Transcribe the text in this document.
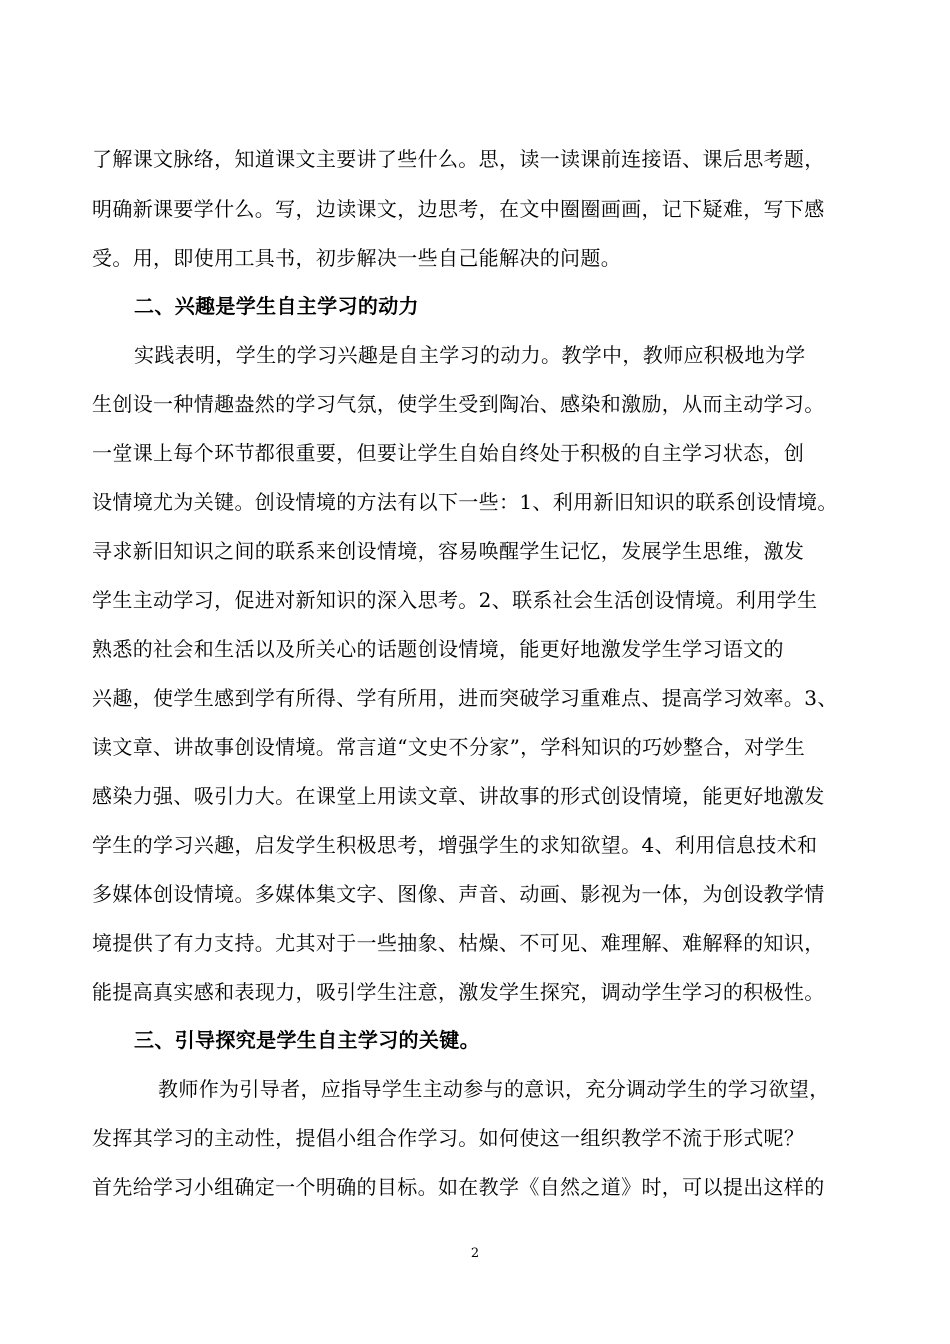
了解课文脉络，知道课文主要讲了些什么。思，读一读课前连接语、课后思考题，
明确新课要学什么。写，边读课文，边思考，在文中圈圈画画，记下疑难，写下感
受。用，即使用工具书，初步解决一些自己能解决的问题。
二、兴趣是学生自主学习的动力
实践表明，学生的学习兴趣是自主学习的动力。教学中，教师应积极地为学
生创设一种情趣盎然的学习气氛，使学生受到陶冶、感染和激励，从而主动学习。
一堂课上每个环节都很重要，但要让学生自始自终处于积极的自主学习状态，创
设情境尤为关键。创设情境的方法有以下一些：1、利用新旧知识的联系创设情境。
寻求新旧知识之间的联系来创设情境，容易唤醒学生记忆，发展学生思维，激发
学生主动学习，促进对新知识的深入思考。2、联系社会生活创设情境。利用学生
熟悉的社会和生活以及所关心的话题创设情境，能更好地激发学生学习语文的
兴趣，使学生感到学有所得、学有所用，进而突破学习重难点、提高学习效率。3、
读文章、讲故事创设情境。常言道“文史不分家”，学科知识的巧妙整合，对学生
感染力强、吸引力大。在课堂上用读文章、讲故事的形式创设情境，能更好地激发
学生的学习兴趣，启发学生积极思考，增强学生的求知欲望。4、利用信息技术和
多媒体创设情境。多媒体集文字、图像、声音、动画、影视为一体，为创设教学情
境提供了有力支持。尤其对于一些抽象、枯燥、不可见、难理解、难解释的知识，
能提高真实感和表现力，吸引学生注意，激发学生探究，调动学生学习的积极性。
三、引导探究是学生自主学习的关键。
教师作为引导者，应指导学生主动参与的意识，充分调动学生的学习欲望，
发挥其学习的主动性，提倡小组合作学习。如何使这一组织教学不流于形式呢？
首先给学习小组确定一个明确的目标。如在教学《自然之道》时，可以提出这样的
2
